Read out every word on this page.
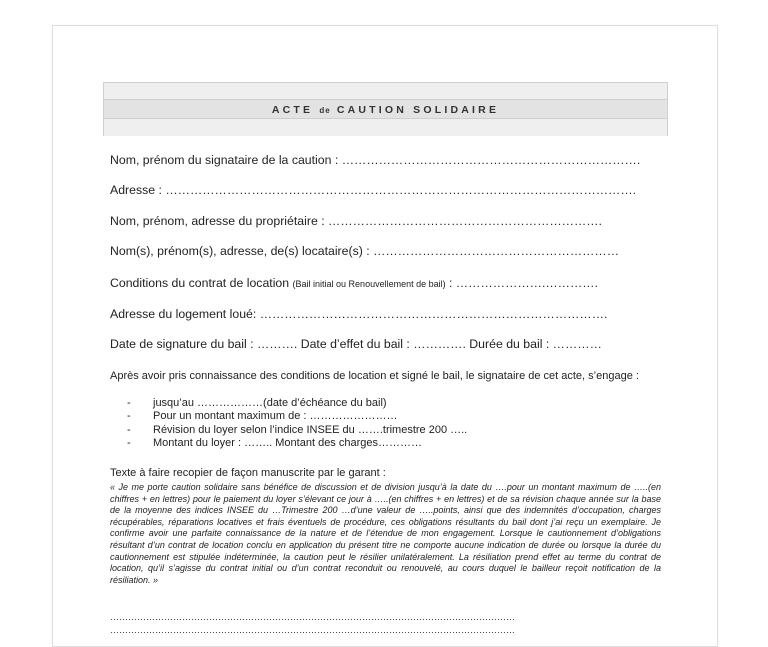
ACTE de CAUTION SOLIDAIRE
Nom, prénom du signataire de la caution : ……………………………………………………………….
Adresse : …………………………………………………………………………………………………….
Nom, prénom, adresse du propriétaire : ………………………………………………………….
Nom(s), prénom(s), adresse, de(s) locataire(s) : ……………………………………………………
Conditions du contrat de location (Bail initial ou Renouvellement de bail) : ………………….………….
Adresse du logement loué: ………………………………………………………………………….
Date de signature du bail : ………. Date d’effet du bail : …………. Durée du bail : …………
Après avoir pris connaissance des conditions de location et signé le bail, le signataire de cet acte, s’engage :
-	jusqu’au ………………(date d’échéance du bail)
-	Pour un montant maximum de : ……………………
-	Révision du loyer selon l’indice INSEE du …….trimestre 200 …..
-	Montant du loyer : …….. Montant des charges…………
Texte à faire recopier de façon manuscrite par le garant :
« Je me porte caution solidaire sans bénéfice de discussion et de division jusqu’à la date du ….pour un montant maximum de …..(en chiffres + en lettres) pour le paiement du loyer s’élevant ce jour à …..(en chiffres + en lettres) et de sa révision chaque année sur la base de la moyenne des indices INSEE du …Trimestre 200 …d’une valeur de …..points, ainsi que des indemnités d’occupation, charges récupérables, réparations locatives et frais éventuels de procédure, ces obligations résultants du bail dont j’ai reçu un exemplaire. Je confirme avoir une parfaite connaissance de la nature et de l’étendue de mon engagement. Lorsque le cautionnement d’obligations résultant d’un contrat de location conclu en application du présent titre ne comporte aucune indication de durée ou lorsque la durée du cautionnement est stipulée indéterminée, la caution peut le résilier unilatéralement. La résiliation prend effet au terme du contrat de location, qu’il s’agisse du contrat initial ou d’un contrat reconduit ou renouvelé, au cours duquel le bailleur reçoit notification de la résiliation. »
………………………………………………………………………………………………………………………
………………………………………………………………………………………………………………………
